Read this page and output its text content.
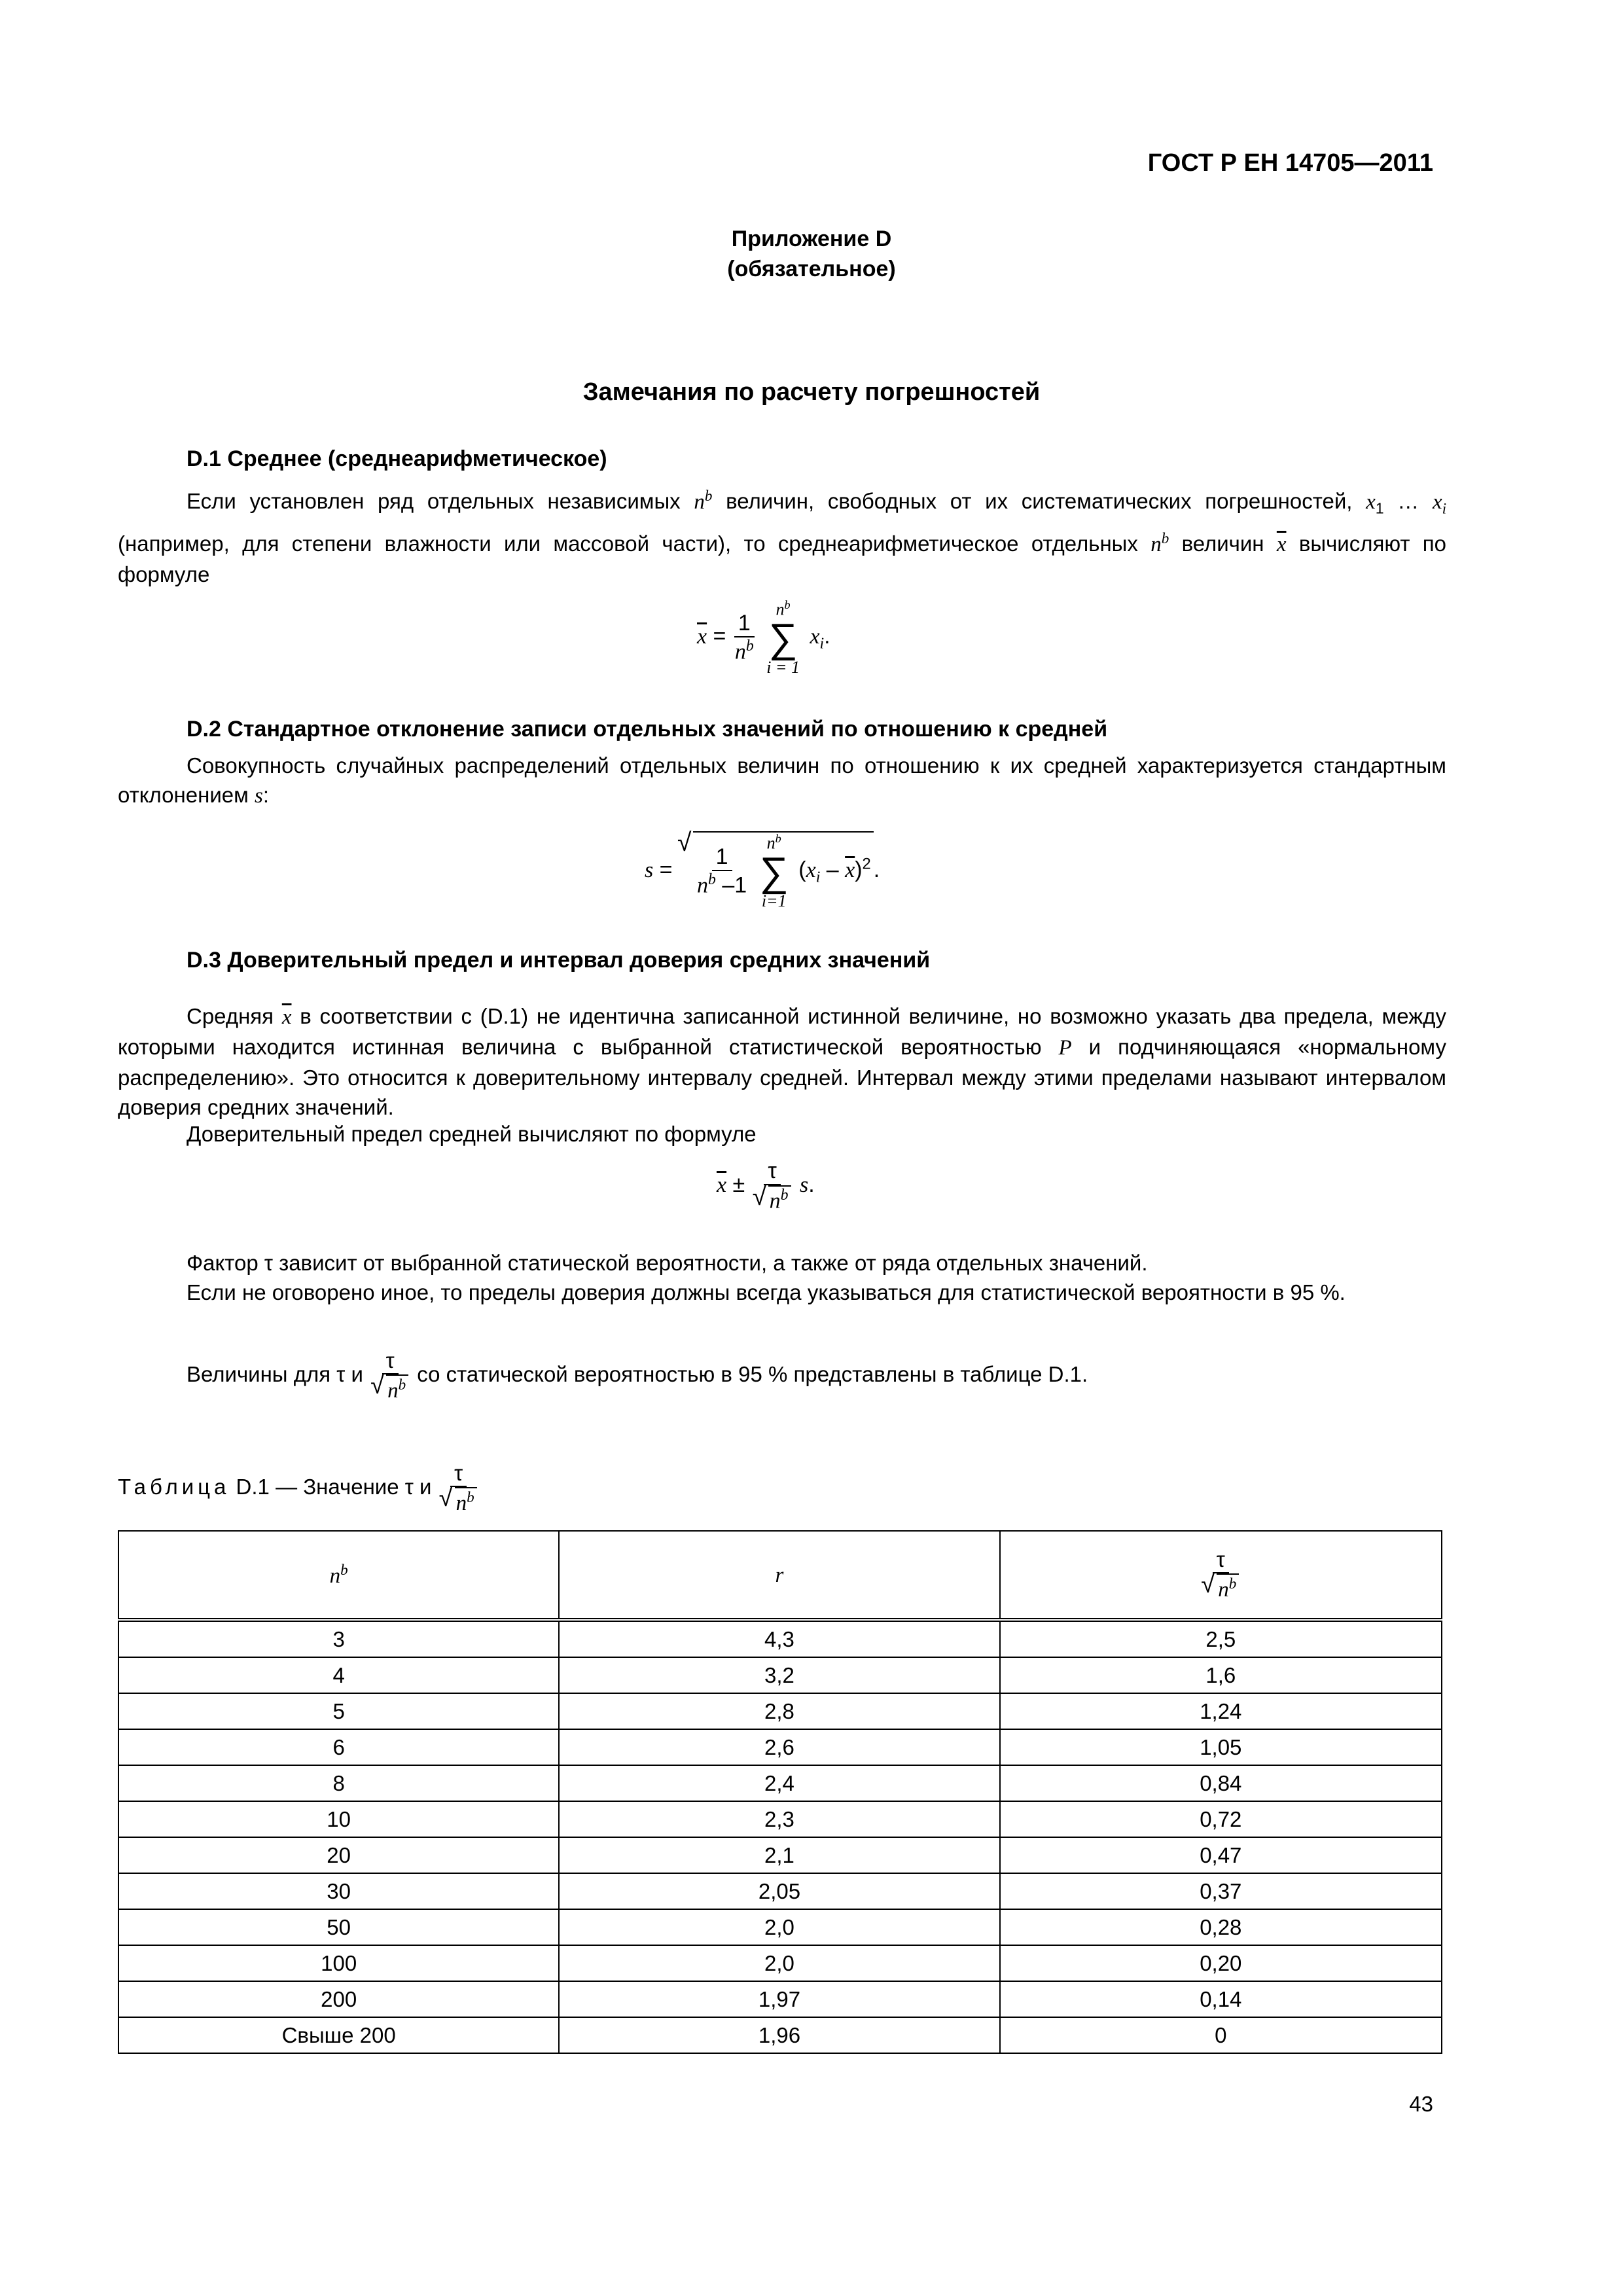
ГОСТ Р ЕН 14705—2011
Приложение D
(обязательное)
Замечания по расчету погрешностей
D.1 Среднее (среднеарифметическое)
Если установлен ряд отдельных независимых $n^b$ величин, свободных от их систематических погрешностей, $x_1$ … $x_i$ (например, для степени влажности или массовой части), то среднеарифметическое отдельных $n^b$ величин $\overline{x}$ вычисляют по формуле
$\overline{x} = \frac{1}{n^b}$

$n^b$
∑
i = 1
$x_i$.
D.2 Стандартное отклонение записи отдельных значений по отношению к средней
Совокупность случайных распределений отдельных величин по отношению к их средней характеризуется стандартным отклонением s:
s = √ $\frac{1}{n^b -1}$

$n^b$
∑
i=1
$(x_i - \overline{x})^2$ .
D.3 Доверительный предел и интервал доверия средних значений
Средняя $\overline{x}$ в соответствии с (D.1) не идентична записанной истинной величине, но возможно указать два предела, между которыми находится истинная величина с выбранной статистической вероятностью P и подчиняющаяся «нормальному распределению». Это относится к доверительному интервалу средней. Интервал между этими пределами называют интервалом доверия средних значений.
Доверительный предел средней вычисляют по формуле
$\overline{x} \pm \tau$
√ $n^b$ s.
Фактор τ зависит от выбранной статической вероятности, а также от ряда отдельных значений.
Если не оговорено иное, то пределы доверия должны всегда указываться для статистической вероятности в 95 %.
Величины для τ и τ
√ $n^b$ со статической вероятностью в 95 % представлены в таблице D.1.
Таблица D.1 — Значение τ и τ
√ $n^b$
$n^b$	r	τ
√ $n^b$

3	4,3	2,5
4	3,2	1,6
5	2,8	1,24
6	2,6	1,05
8	2,4	0,84
10	2,3	0,72
20	2,1	0,47
30	2,05	0,37
50	2,0	0,28
100	2,0	0,20
200	1,97	0,14
Свыше 200	1,96	0
43
